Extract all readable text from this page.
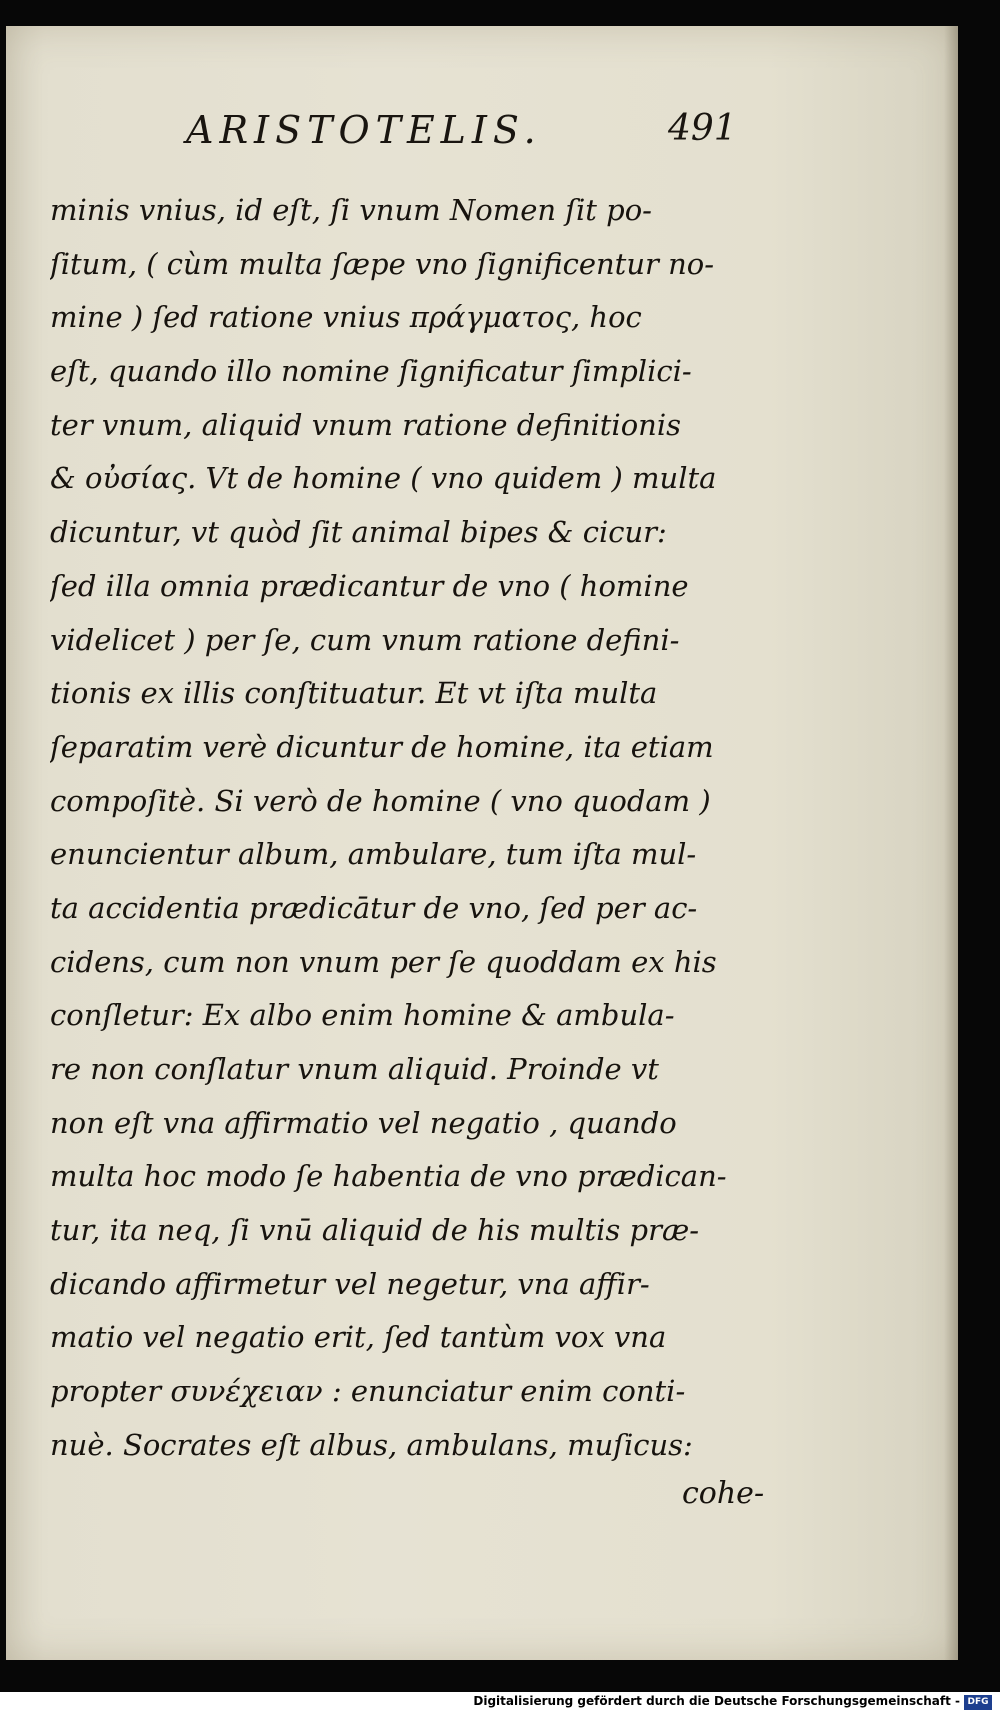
ARISTOTELIS.	491
minis vnius, id eſt, ſi vnum Nomen ſit po-
ſitum, ( cùm multa ſæpe vno ſignificentur no-
mine ) ſed ratione vnius πράγματος, hoc
eſt, quando illo nomine ſignificatur ſimplici-
ter vnum, aliquid vnum ratione definitionis
& οὐσίας. Vt de homine ( vno quidem ) multa
dicuntur, vt quòd ſit animal bipes & cicur:
ſed illa omnia prædicantur de vno ( homine
videlicet ) per ſe, cum vnum ratione defini-
tionis ex illis conſtituatur. Et vt iſta multa
ſeparatim verè dicuntur de homine, ita etiam
compoſitè. Si verò de homine ( vno quodam )
enuncientur album, ambulare, tum iſta mul-
ta accidentia prædicātur de vno, ſed per ac-
cidens, cum non vnum per ſe quoddam ex his
conſletur: Ex albo enim homine & ambula-
re non conſlatur vnum aliquid. Proinde vt
non eſt vna affirmatio vel negatio , quando
multa hoc modo ſe habentia de vno prædican-
tur, ita neq, ſi vnū aliquid de his multis præ-
dicando affirmetur vel negetur, vna affir-
matio vel negatio erit, ſed tantùm vox vna
propter συνέχειαν : enunciatur enim conti-
nuè. Socrates eſt albus, ambulans, muſicus:
cohe-
Digitalisierung gefördert durch die Deutsche Forschungsgemeinschaft - DFG
